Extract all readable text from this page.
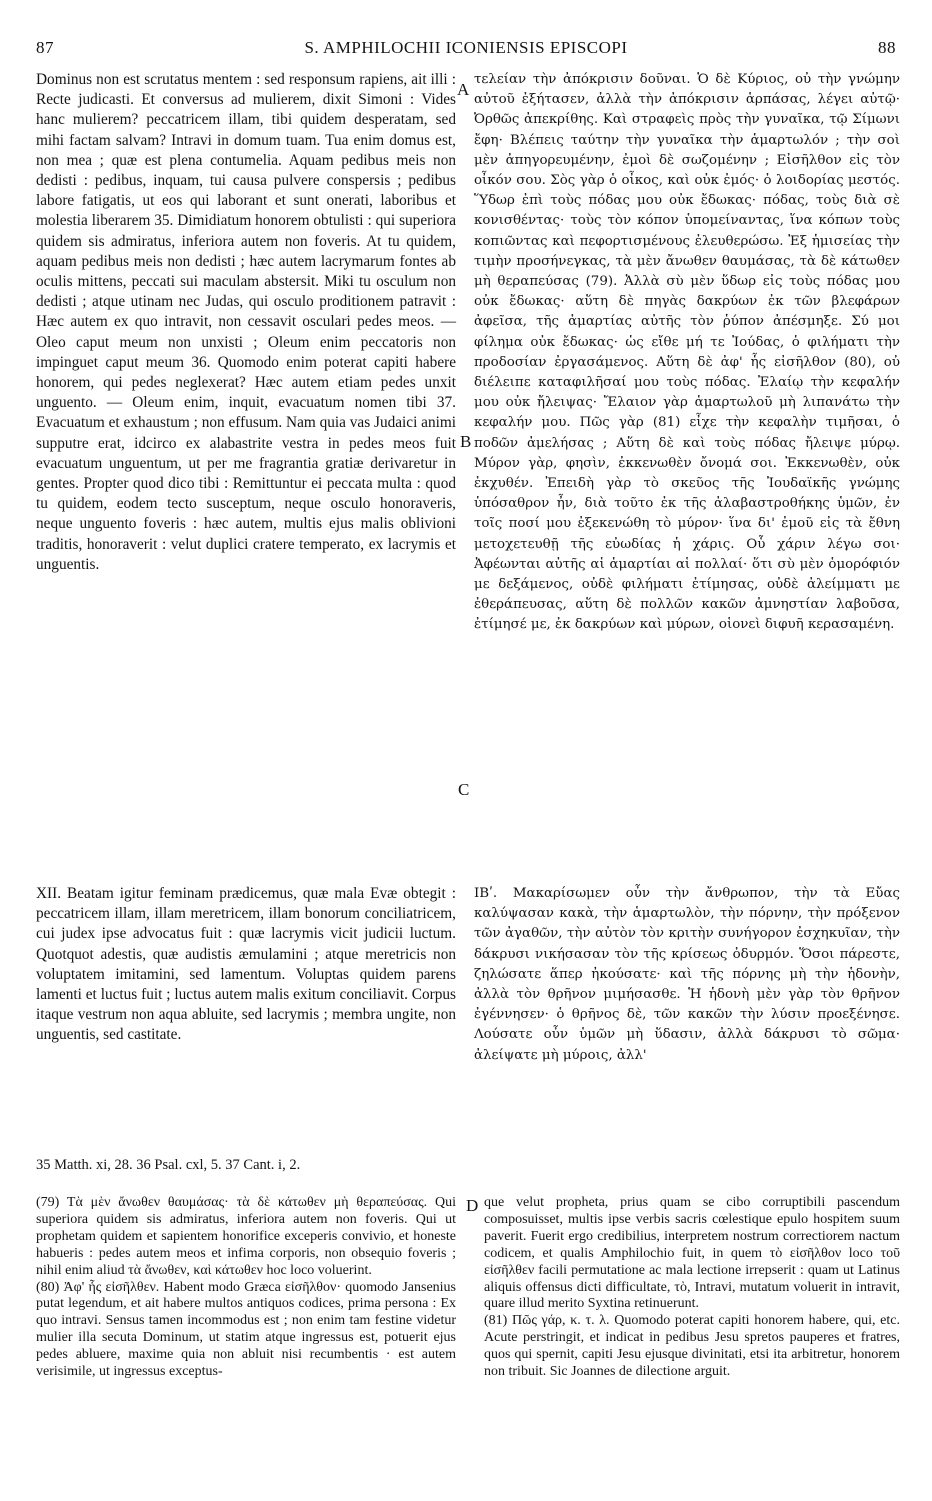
87	S. AMPHILOCHII ICONIENSIS EPISCOPI	88

Dominus non est scrutatus mentem : sed responsum rapiens, ait illi : Recte judicasti. Et conversus ad mulierem, dixit Simoni : Vides hanc mulierem? peccatricem illam, tibi quidem desperatam, sed mihi factam salvam? Intravi in domum tuam. Tua enim domus est, non mea ; quæ est plena contumelia. Aquam pedibus meis non dedisti : pedibus, inquam, tui causa pulvere conspersis ; pedibus labore fatigatis, ut eos qui laborant et sunt onerati, laboribus et molestia liberarem 35. Dimidiatum honorem obtulisti : qui superiora quidem sis admiratus, inferiora autem non foveris. At tu quidem, aquam pedibus meis non dedisti ; hæc autem lacrymarum fontes ab oculis mittens, peccati sui maculam abstersit. Miki tu osculum non dedisti ; atque utinam nec Judas, qui osculo proditionem patravit : Hæc autem ex quo intravit, non cessavit osculari pedes meos. — Oleo caput meum non unxisti ; Oleum enim peccatoris non impinguet caput meum 36. Quomodo enim poterat capiti habere honorem, qui pedes neglexerat? Hæc autem etiam pedes unxit unguento. — Oleum enim, inquit, evacuatum nomen tibi 37. Evacuatum et exhaustum ; non effusum. Nam quia vas Judaici animi supputre erat, idcirco ex alabastrite vestra in pedes meos fuit evacuatum unguentum, ut per me fragrantia gratiæ derivaretur in gentes. Propter quod dico tibi : Remittuntur ei peccata multa : quod tu quidem, eodem tecto susceptum, neque osculo honoraveris, neque unguento foveris : hæc autem, multis ejus malis oblivioni traditis, honoraverit : velut duplici cratere temperato, ex lacrymis et unguentis.

τελείαν τὴν ἀπόκρισιν δοῦναι. Ὁ δὲ Κύριος, οὐ τὴν γνώμην αὐτοῦ ἐξήτασεν, ἀλλὰ τὴν ἀπόκρισιν ἁρπάσας, λέγει αὐτῷ· Ὀρθῶς ἀπεκρίθης. Καὶ στραφεὶς πρὸς τὴν γυναῖκα, τῷ Σίμωνι ἔφη· Βλέπεις ταύτην τὴν γυναῖκα τὴν ἁμαρτωλόν ; τὴν σοὶ μὲν ἀπηγορευμένην, ἐμοὶ δὲ σωζομένην ; Εἰσῆλθον εἰς τὸν οἶκόν σου. Σὸς γὰρ ὁ οἶκος, καὶ οὐκ ἐμός· ὁ λοιδορίας μεστός. Ὕδωρ ἐπὶ τοὺς πόδας μου οὐκ ἔδωκας· πόδας, τοὺς διὰ σὲ κονισθέντας· τοὺς τὸν κόπον ὑπομείναντας, ἵνα κόπων τοὺς κοπιῶντας καὶ πεφορτισμένους ἐλευθερώσω. Ἐξ ἡμισείας τὴν τιμὴν προσήνεγκας, τὰ μὲν ἄνωθεν θαυμάσας, τὰ δὲ κάτωθεν μὴ θεραπεύσας (79). Ἀλλὰ σὺ μὲν ὕδωρ εἰς τοὺς πόδας μου οὐκ ἔδωκας· αὕτη δὲ πηγὰς δακρύων ἐκ τῶν βλεφάρων ἀφεῖσα, τῆς ἁμαρτίας αὐτῆς τὸν ῥύπον ἀπέσμηξε. Σύ μοι φίλημα οὐκ ἔδωκας· ὡς εἴθε μή τε Ἰούδας, ὁ φιλήματι τὴν προδοσίαν ἐργασάμενος. Αὕτη δὲ ἀφ' ἧς εἰσῆλθον (80), οὐ διέλειπε καταφιλῆσαί μου τοὺς πόδας. Ἐλαίῳ τὴν κεφαλήν μου οὐκ ἤλειψας· Ἔλαιον γὰρ ἁμαρτωλοῦ μὴ λιπανάτω τὴν κεφαλήν μου. Πῶς γὰρ (81) εἶχε τὴν κεφαλὴν τιμῆσαι, ὁ ποδῶν ἀμελήσας ; Αὕτη δὲ καὶ τοὺς πόδας ἤλειψε μύρῳ. Μύρον γὰρ, φησὶν, ἐκκενωθὲν ὄνομά σοι. Ἐκκενωθὲν, οὐκ ἐκχυθέν. Ἐπειδὴ γὰρ τὸ σκεῦος τῆς Ἰουδαϊκῆς γνώμης ὑπόσαθρον ἦν, διὰ τοῦτο ἐκ τῆς ἀλαβαστροθήκης ὑμῶν, ἐν τοῖς ποσί μου ἐξεκενώθη τὸ μύρον· ἵνα δι' ἐμοῦ εἰς τὰ ἔθνη μετοχετευθῇ τῆς εὐωδίας ἡ χάρις. Οὗ χάριν λέγω σοι· Ἀφέωνται αὐτῆς αἱ ἁμαρτίαι αἱ πολλαί· ὅτι σὺ μὲν ὁμορόφιόν με δεξάμενος, οὐδὲ φιλήματι ἐτίμησας, οὐδὲ ἀλείμματι με ἐθεράπευσας, αὕτη δὲ πολλῶν κακῶν ἀμνηστίαν λαβοῦσα, ἐτίμησέ με, ἐκ δακρύων καὶ μύρων, οἱονεὶ διφυῆ κερασαμένη.

A
B
C
D

XII. Beatam igitur feminam prædicemus, quæ mala Evæ obtegit : peccatricem illam, illam meretricem, illam bonorum conciliatricem, cui judex ipse advocatus fuit : quæ lacrymis vicit judicii luctum. Quotquot adestis, quæ audistis æmulamini ; atque meretricis non voluptatem imitamini, sed lamentum. Voluptas quidem parens lamenti et luctus fuit ; luctus autem malis exitum conciliavit. Corpus itaque vestrum non aqua abluite, sed lacrymis ; membra ungite, non unguentis, sed castitate.

ΙΒʹ. Μακαρίσωμεν οὖν τὴν ἄνθρωπον, τὴν τὰ Εὔας καλύψασαν κακὰ, τὴν ἁμαρτωλὸν, τὴν πόρνην, τὴν πρόξενον τῶν ἀγαθῶν, τὴν αὐτὸν τὸν κριτὴν συνήγορον ἐσχηκυῖαν, τὴν δάκρυσι νικήσασαν τὸν τῆς κρίσεως ὀδυρμόν. Ὅσοι πάρεστε, ζηλώσατε ἅπερ ἠκούσατε· καὶ τῆς πόρνης μὴ τὴν ἡδονὴν, ἀλλὰ τὸν θρῆνον μιμήσασθε. Ἡ ἡδονὴ μὲν γὰρ τὸν θρῆνον ἐγέννησεν· ὁ θρῆνος δὲ, τῶν κακῶν τὴν λύσιν προεξένησε. Λούσατε οὖν ὑμῶν μὴ ὕδασιν, ἀλλὰ δάκρυσι τὸ σῶμα· ἀλείψατε μὴ μύροις, ἀλλ'

35 Matth. xi, 28. 36 Psal. cxl, 5. 37 Cant. i, 2.

(79) Τὰ μὲν ἄνωθεν θαυμάσας· τὰ δὲ κάτωθεν μὴ θεραπεύσας. Qui superiora quidem sis admiratus, inferiora autem non foveris. Qui ut prophetam quidem et sapientem honorifice exceperis convivio, et honeste habueris : pedes autem meos et infima corporis, non obsequio foveris ; nihil enim aliud τὰ ἄνωθεν, καὶ κάτωθεν hoc loco voluerint.

(80) Ἀφ' ἧς εἰσῆλθεν. Habent modo Græca εἰσῆλθον· quomodo Jansenius putat legendum, et ait habere multos antiquos codices, prima persona : Ex quo intravi. Sensus tamen incommodus est ; non enim tam festine videtur mulier illa secuta Dominum, ut statim atque ingressus est, potuerit ejus pedes abluere, maxime quia non abluit nisi recumbentis · est autem verisimile, ut ingressus exceptus-

que velut propheta, prius quam se cibo corruptibili pascendum composuisset, multis ipse verbis sacris cœlestique epulo hospitem suum paverit. Fuerit ergo credibilius, interpretem nostrum correctiorem nactum codicem, et qualis Amphilochio fuit, in quem τὸ εἰσῆλθον loco τοῦ εἰσῆλθεν facili permutatione ac mala lectione irrepserit : quam ut Latinus aliquis offensus dicti difficultate, τὸ, Intravi, mutatum voluerit in intravit, quare illud merito Syxtina retinuerunt.

(81) Πῶς γάρ, κ. τ. λ. Quomodo poterat capiti honorem habere, qui, etc. Acute perstringit, et indicat in pedibus Jesu spretos pauperes et fratres, quos qui spernit, capiti Jesu ejusque divinitati, etsi ita arbitretur, honorem non tribuit. Sic Joannes de dilectione arguit.
